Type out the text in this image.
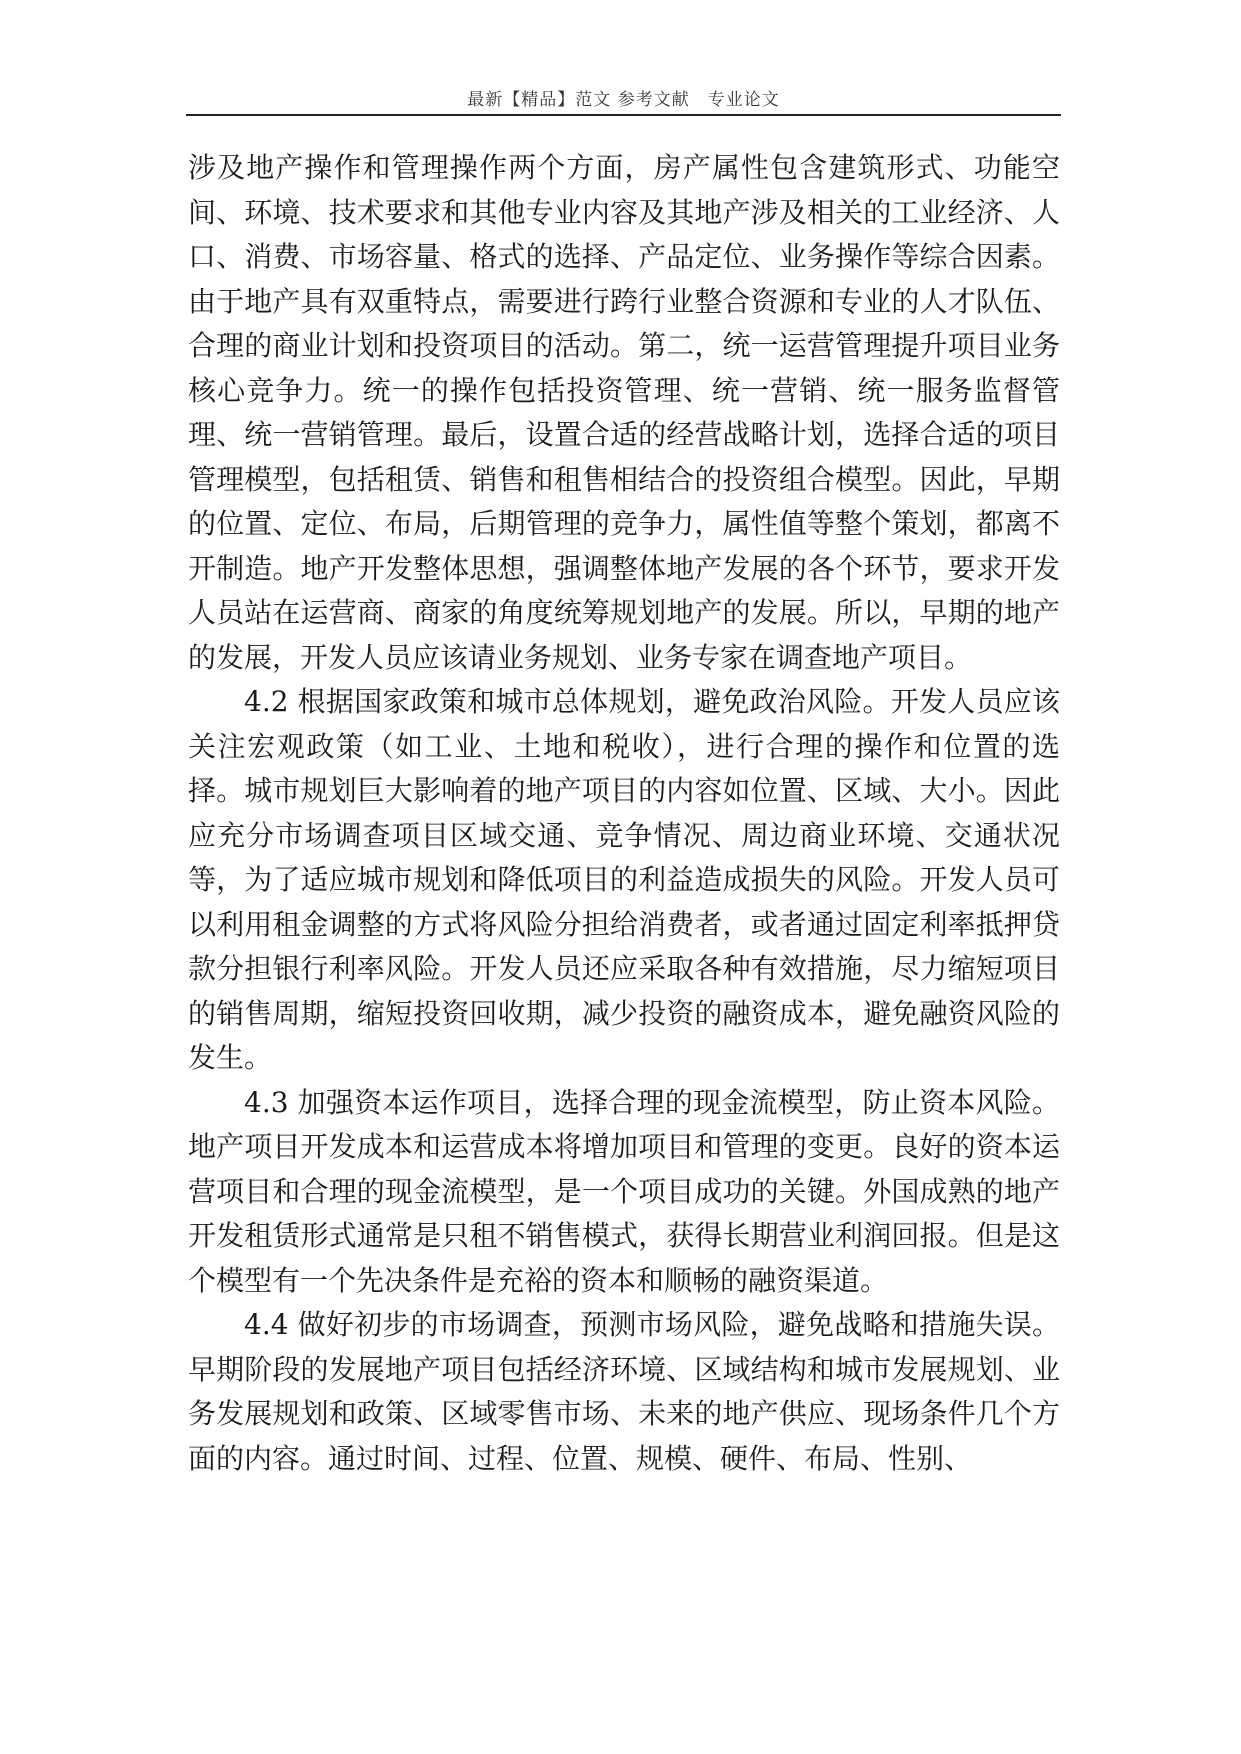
最新【精品】范文 参考文献　专业论文

涉及地产操作和管理操作两个方面，房产属性包含建筑形式、功能空间、环境、技术要求和其他专业内容及其地产涉及相关的工业经济、人口、消费、市场容量、格式的选择、产品定位、业务操作等综合因素。由于地产具有双重特点，需要进行跨行业整合资源和专业的人才队伍、合理的商业计划和投资项目的活动。第二，统一运营管理提升项目业务核心竞争力。统一的操作包括投资管理、统一营销、统一服务监督管理、统一营销管理。最后，设置合适的经营战略计划，选择合适的项目管理模型，包括租赁、销售和租售相结合的投资组合模型。因此，早期的位置、定位、布局，后期管理的竞争力，属性值等整个策划，都离不开制造。地产开发整体思想，强调整体地产发展的各个环节，要求开发人员站在运营商、商家的角度统筹规划地产的发展。所以，早期的地产的发展，开发人员应该请业务规划、业务专家在调查地产项目。

4.2 根据国家政策和城市总体规划，避免政治风险。开发人员应该关注宏观政策（如工业、土地和税收），进行合理的操作和位置的选择。城市规划巨大影响着的地产项目的内容如位置、区域、大小。因此应充分市场调查项目区域交通、竞争情况、周边商业环境、交通状况等，为了适应城市规划和降低项目的利益造成损失的风险。开发人员可以利用租金调整的方式将风险分担给消费者，或者通过固定利率抵押贷款分担银行利率风险。开发人员还应采取各种有效措施，尽力缩短项目的销售周期，缩短投资回收期，减少投资的融资成本，避免融资风险的发生。

4.3 加强资本运作项目，选择合理的现金流模型，防止资本风险。地产项目开发成本和运营成本将增加项目和管理的变更。良好的资本运营项目和合理的现金流模型，是一个项目成功的关键。外国成熟的地产开发租赁形式通常是只租不销售模式，获得长期营业利润回报。但是这个模型有一个先决条件是充裕的资本和顺畅的融资渠道。

4.4 做好初步的市场调查，预测市场风险，避免战略和措施失误。早期阶段的发展地产项目包括经济环境、区域结构和城市发展规划、业务发展规划和政策、区域零售市场、未来的地产供应、现场条件几个方面的内容。通过时间、过程、位置、规模、硬件、布局、性别、
